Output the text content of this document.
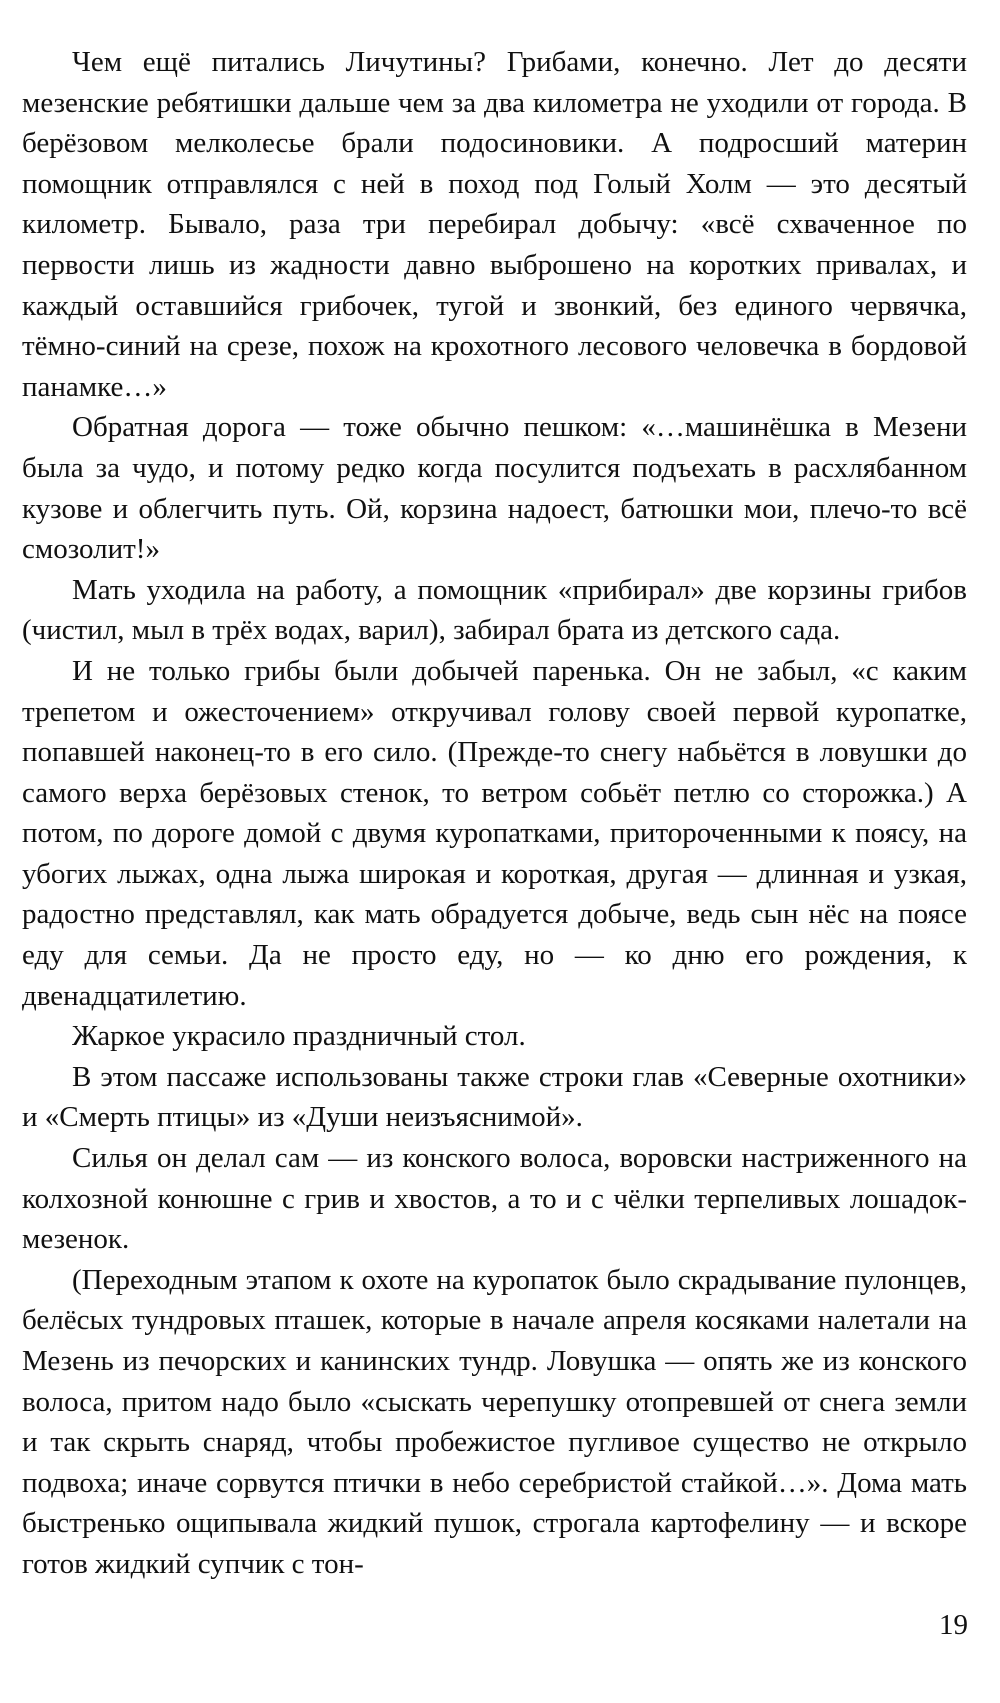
Чем ещё питались Личутины? Грибами, конечно. Лет до десяти мезенские ребятишки дальше чем за два километра не уходили от города. В берёзовом мелколесье брали подосиновики. А подросший материн помощник отправлялся с ней в поход под Голый Холм — это десятый километр. Бывало, раза три перебирал добычу: «всё схваченное по первости лишь из жадности давно выброшено на коротких привалах, и каждый оставшийся грибочек, тугой и звонкий, без единого червячка, тёмно-синий на срезе, похож на крохотного лесового человечка в бордовой панамке…»

Обратная дорога — тоже обычно пешком: «…машинёшка в Мезени была за чудо, и потому редко когда посулится подъехать в расхлябанном кузове и облегчить путь. Ой, корзина надоест, батюшки мои, плечо-то всё смозолит!»

Мать уходила на работу, а помощник «прибирал» две корзины грибов (чистил, мыл в трёх водах, варил), забирал брата из детского сада.

И не только грибы были добычей паренька. Он не забыл, «с каким трепетом и ожесточением» откручивал голову своей первой куропатке, попавшей наконец-то в его сило. (Прежде-то снегу набьётся в ловушки до самого верха берёзовых стенок, то ветром собьёт петлю со сторожка.) А потом, по дороге домой с двумя куропатками, притороченными к поясу, на убогих лыжах, одна лыжа широкая и короткая, другая — длинная и узкая, радостно представлял, как мать обрадуется добыче, ведь сын нёс на поясе еду для семьи. Да не просто еду, но — ко дню его рождения, к двенадцатилетию.

Жаркое украсило праздничный стол.

В этом пассаже использованы также строки глав «Северные охотники» и «Смерть птицы» из «Души неизъяснимой».

Силья он делал сам — из конского волоса, воровски настриженного на колхозной конюшне с грив и хвостов, а то и с чёлки терпеливых лошадок-мезенок.

(Переходным этапом к охоте на куропаток было скрадывание пулонцев, белёсых тундровых пташек, которые в начале апреля косяками налетали на Мезень из печорских и канинских тундр. Ловушка — опять же из конского волоса, притом надо было «сыскать черепушку отопревшей от снега земли и так скрыть снаряд, чтобы пробежистое пугливое существо не открыло подвоха; иначе сорвутся птички в небо серебристой стайкой…». Дома мать быстренько ощипывала жидкий пушок, строгала картофелину — и вскоре готов жидкий супчик с тон-

19
